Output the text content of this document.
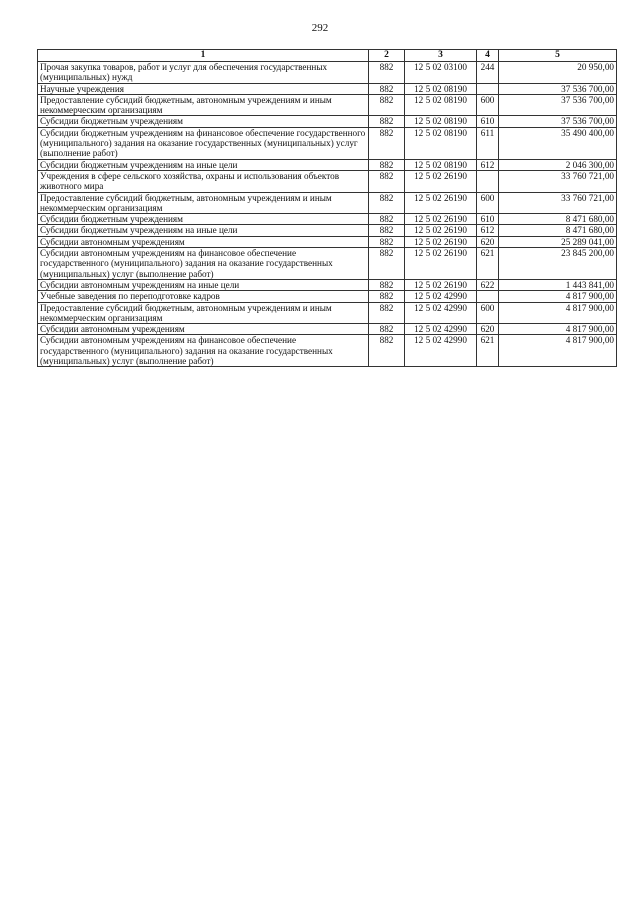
292
1	2	3	4	5
Прочая закупка товаров, работ и услуг для обеспечения государственных (муниципальных) нужд	882	12 5 02 03100	244	20 950,00
Научные учреждения	882	12 5 02 08190		37 536 700,00
Предоставление субсидий бюджетным, автономным учреждениям и иным некоммерческим организациям	882	12 5 02 08190	600	37 536 700,00
Субсидии бюджетным учреждениям	882	12 5 02 08190	610	37 536 700,00
Субсидии бюджетным учреждениям на финансовое обеспечение государственного (муниципального) задания на оказание государственных (муниципальных) услуг (выполнение работ)	882	12 5 02 08190	611	35 490 400,00
Субсидии бюджетным учреждениям на иные цели	882	12 5 02 08190	612	2 046 300,00
Учреждения в сфере сельского хозяйства, охраны и использования объектов животного мира	882	12 5 02 26190		33 760 721,00
Предоставление субсидий бюджетным, автономным учреждениям и иным некоммерческим организациям	882	12 5 02 26190	600	33 760 721,00
Субсидии бюджетным учреждениям	882	12 5 02 26190	610	8 471 680,00
Субсидии бюджетным учреждениям на иные цели	882	12 5 02 26190	612	8 471 680,00
Субсидии автономным учреждениям	882	12 5 02 26190	620	25 289 041,00
Субсидии автономным учреждениям на финансовое обеспечение государственного (муниципального) задания на оказание государственных (муниципальных) услуг (выполнение работ)	882	12 5 02 26190	621	23 845 200,00
Субсидии автономным учреждениям на иные цели	882	12 5 02 26190	622	1 443 841,00
Учебные заведения по переподготовке кадров	882	12 5 02 42990		4 817 900,00
Предоставление субсидий бюджетным, автономным учреждениям и иным некоммерческим организациям	882	12 5 02 42990	600	4 817 900,00
Субсидии автономным учреждениям	882	12 5 02 42990	620	4 817 900,00
Субсидии автономным учреждениям на финансовое обеспечение государственного (муниципального) задания на оказание государственных (муниципальных) услуг (выполнение работ)	882	12 5 02 42990	621	4 817 900,00
